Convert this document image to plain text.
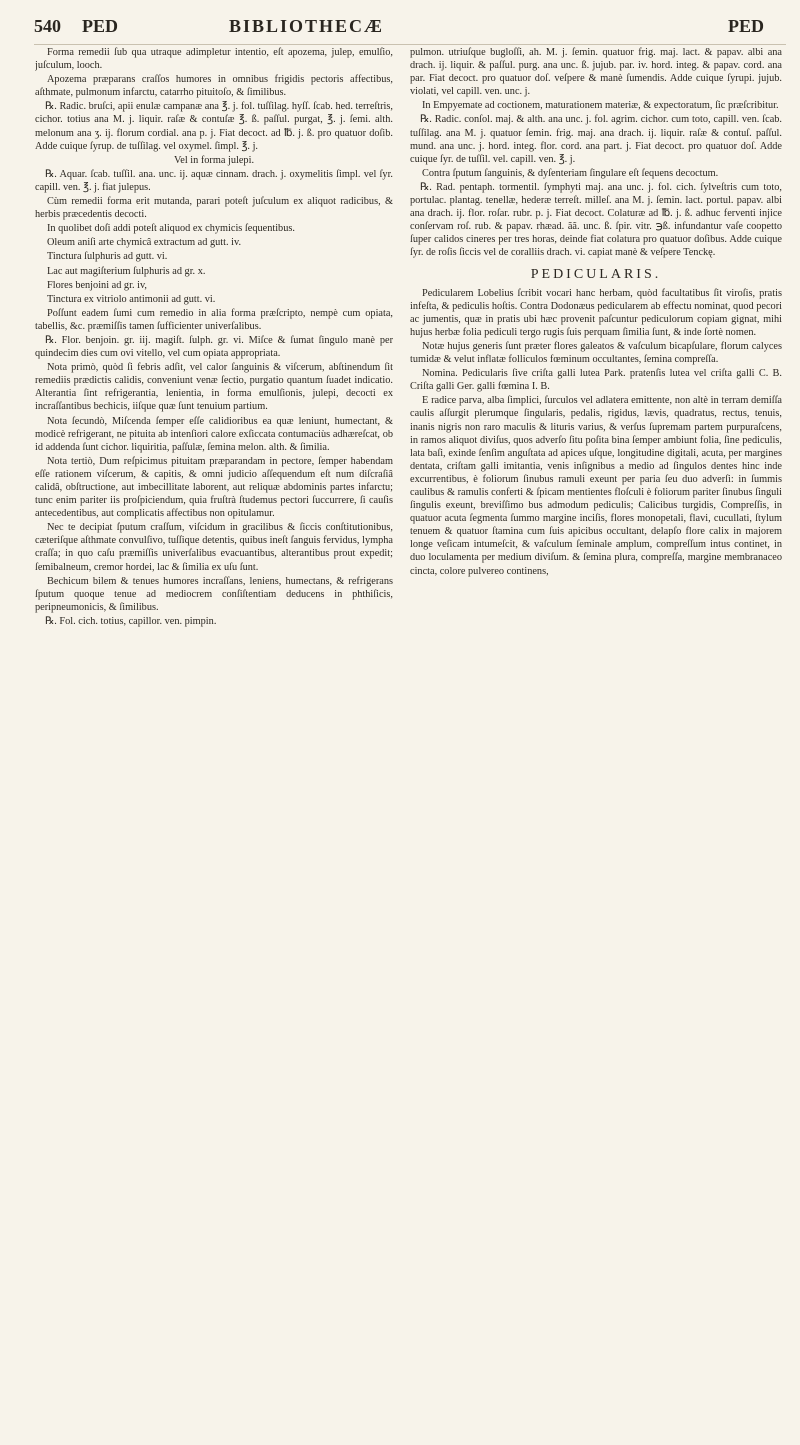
540 PED	BIBLIOTHECÆ	PED

Forma remedii ſub qua utraque adimpletur intentio, eſt apozema, julep, emulſio, juſculum, looch.

Apozema præparans craſſos humores in omnibus frigidis pectoris affectibus, aſthmate, pulmonum infarctu, catarrho pituitoſo, & ſimilibus.

℞. Radic. bruſci, apii enulæ campanæ ana ℥. j. fol. tuſſilag. hyſſ. ſcab. hed. terreſtris, cichor. totius ana M. j. liquir. raſæ & contuſæ ℥. ß. paſſul. purgat, ℥. j. ſemi. alth. melonum ana ʒ. ij. florum cordial. ana p. j. Fiat decoct. ad ℔. j. ß. pro quatuor doſib. Adde cuique ſyrup. de tuſſilag. vel oxymel. ſimpl. ℥. j.

Vel in forma julepi.

℞. Aquar. ſcab. tuſſil. ana. unc. ij. aquæ cinnam. drach. j. oxymelitis ſimpl. vel ſyr. capill. ven. ℥. j. fiat julepus.

Cùm remedii forma erit mutanda, parari poteſt juſculum ex aliquot radicibus, & herbis præcedentis decocti.

In quolibet doſi addi poteſt aliquod ex chymicis ſequentibus.

Oleum aniſi arte chymicâ extractum ad gutt. iv.

Tinctura ſulphuris ad gutt. vi.

Lac aut magiſterium ſulphuris ad gr. x.

Flores benjoini ad gr. iv,

Tinctura ex vitriolo antimonii ad gutt. vi.

Poſſunt eadem ſumi cum remedio in alia forma præſcripto, nempè cum opiata, tabellis, &c. præmiſſis tamen ſufficienter univerſalibus.

℞. Flor. benjoin. gr. iij. magiſt. ſulph. gr. vi. Miſce & ſumat ſingulo manè per quindecim dies cum ovi vitello, vel cum opiata appropriata.

Nota primò, quòd ſi febris adſit, vel calor ſanguinis & viſcerum, abſtinendum ſit remediis prædictis calidis, conveniunt venæ ſectio, purgatio quantum ſuadet indicatio. Alterantia ſint refrigerantia, lenientia, in forma emulſionis, julepi, decocti ex incraſſantibus bechicis, iiſque quæ ſunt tenuium partium.

Nota ſecundò, Miſcenda ſemper eſſe calidioribus ea quæ leniunt, humectant, & modicè refrigerant, ne pituita ab intenſiori calore exſiccata contumaciùs adhæreſcat, ob id addenda ſunt cichor. liquiritia, paſſulæ, ſemina melon. alth. & ſimilia.

Nota tertiò, Dum reſpicimus pituitam præparandam in pectore, ſemper habendam eſſe rationem viſcerum, & capitis, & omni judicio aſſequendum eſt num diſcraſiâ calidâ, obſtructione, aut imbecillitate laborent, aut reliquæ abdominis partes infarctu; tunc enim pariter iis proſpiciendum, quia fruſtrà ſtudemus pectori ſuccurrere, ſi cauſis antecedentibus, aut complicatis affectibus non opitulamur.

Nec te decipiat ſputum craſſum, viſcidum in gracilibus & ſiccis conſtitutionibus, cæteriſque aſthmate convulſivo, tuſſique detentis, quibus ineſt ſanguis fervidus, lympha craſſa; in quo caſu præmiſſis univerſalibus evacuantibus, alterantibus prout expedit; ſemibalneum, cremor hordei, lac & ſimilia ex uſu ſunt.

Bechicum bilem & tenues humores incraſſans, leniens, humectans, & refrigerans ſputum quoque tenue ad mediocrem conſiſtentiam deducens in phthiſicis, peripneumonicis, & ſimilibus.

℞. Fol. cich. totius, capillor. ven. pimpin.

pulmon. utriuſque bugloſſi, ah. M. j. ſemin. quatuor frig. maj. lact. & papav. albi ana drach. ij. liquir. & paſſul. purg. ana unc. ß. jujub. par. iv. hord. integ. & papav. cord. ana par. Fiat decoct. pro quatuor doſ. veſpere & manè ſumendis. Adde cuique ſyrupi. jujub. violati, vel capill. ven. unc. j.

In Empyemate ad coctionem, maturationem materiæ, & expectoratum, ſic præſcribitur.

℞. Radic. conſol. maj. & alth. ana unc. j. fol. agrim. cichor. cum toto, capill. ven. ſcab. tuſſilag. ana M. j. quatuor ſemin. frig. maj. ana drach. ij. liquir. raſæ & contuſ. paſſul. mund. ana unc. j. hord. integ. flor. cord. ana part. j. Fiat decoct. pro quatuor doſ. Adde cuique ſyr. de tuſſil. vel. capill. ven. ℥. j.

Contra ſputum ſanguinis, & dyſenteriam ſingulare eſt ſequens decoctum.

℞. Rad. pentaph. tormentil. ſymphyti maj. ana unc. j. fol. cich. ſylveſtris cum toto, portulac. plantag. tenellæ, hederæ terreſt. milleſ. ana M. j. ſemin. lact. portul. papav. albi ana drach. ij. flor. roſar. rubr. p. j. Fiat decoct. Colaturæ ad ℔. j. ß. adhuc ferventi injice conſervam roſ. rub. & papav. rhæad. ãã. unc. ß. ſpir. vitr. ℈ß. infundantur vaſe coopetto ſuper calidos cineres per tres horas, deinde fiat colatura pro quatuor doſibus. Adde cuique ſyr. de roſis ſiccis vel de coralliis drach. vi. capiat manè & veſpere Tenckę.

PEDICULARIS.

Pedicularem Lobelius ſcribit vocari hanc herbam, quòd facultatibus ſit viroſis, pratis infeſta, & pediculis hoſtis. Contra Dodonæus pedicularem ab effectu nominat, quod pecori ac jumentis, quæ in pratis ubi hæc provenit paſcuntur pediculorum copiam gignat, mihi hujus herbæ folia pediculi tergo rugis ſuis perquam ſimilia ſunt, & inde ſortè nomen.

Notæ hujus generis ſunt præter flores galeatos & vaſculum bicapſulare, florum calyces tumidæ & velut inflatæ folliculos fœminum occultantes, ſemina compreſſa.

Nomina. Pedicularis ſive criſta galli lutea Park. pratenſis lutea vel criſta galli C. B. Criſta galli Ger. galli fœmina I. B.

E radice parva, alba ſimplici, ſurculos vel adlatera emittente, non altè in terram demiſſa caulis aſſurgit plerumque ſingularis, pedalis, rigidus, lævis, quadratus, rectus, tenuis, inanis nigris non raro maculis & lituris varius, & verſus ſupremam partem purpuraſcens, in ramos aliquot diviſus, quos adverſo ſitu poſita bina ſemper ambiunt folia, ſine pediculis, lata baſi, exinde ſenſim anguſtata ad apices uſque, longitudine digitali, acuta, per margines dentata, criſtam galli imitantia, venis inſignibus a medio ad ſingulos dentes hinc inde excurrentibus, è foliorum ſinubus ramuli exeunt per paria ſeu duo adverſi: in ſummis caulibus & ramulis conferti & ſpicam mentientes floſculi è foliorum pariter ſinubus ſinguli ſingulis exeunt, breviſſimo bus admodum pediculis; Calicibus turgidis, Compreſſis, in quatuor acuta ſegmenta ſummo margine inciſis, flores monopetali, flavi, cucullati, ſtylum tenuem & quatuor ſtamina cum ſuis apicibus occultant, delapſo flore calix in majorem longe veſicam intumeſcit, & vaſculum ſeminale amplum, compreſſum intus continet, in duo loculamenta per medium diviſum. & ſemina plura, compreſſa, margine membranaceo cincta, colore pulvereo continens,
